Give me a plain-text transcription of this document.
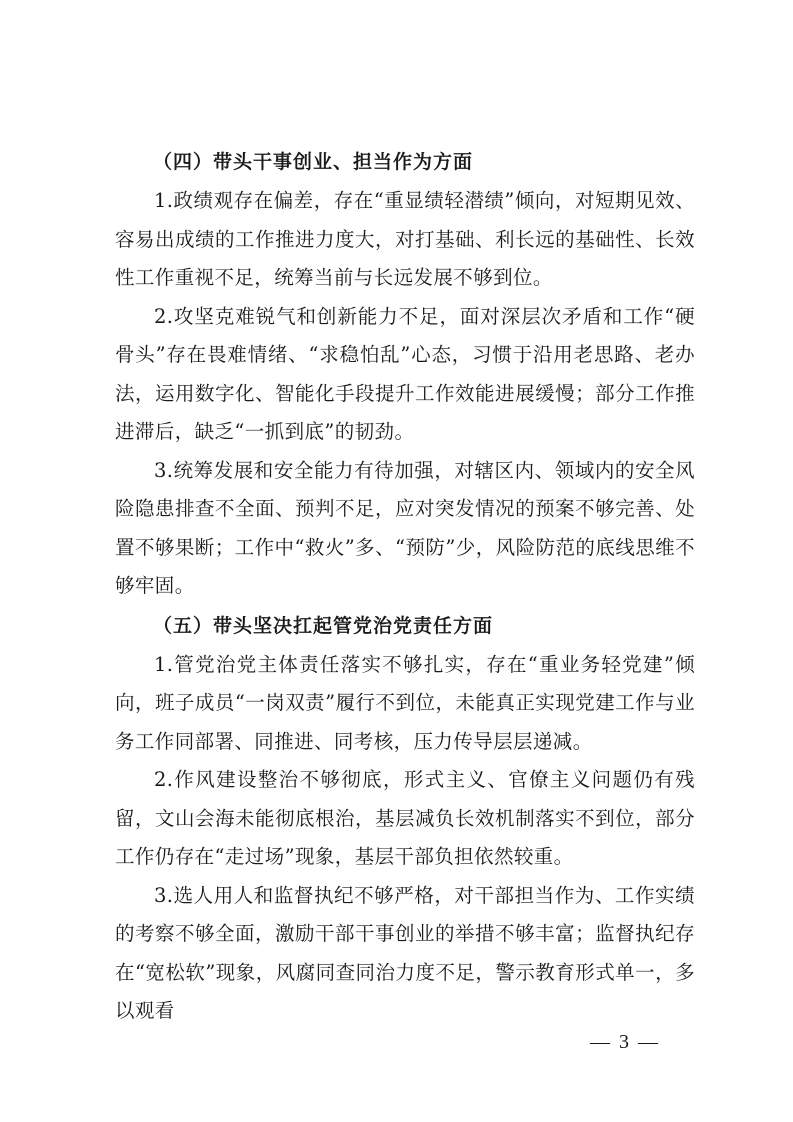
（四）带头干事创业、担当作为方面

1.政绩观存在偏差，存在“重显绩轻潜绩”倾向，对短期见效、容易出成绩的工作推进力度大，对打基础、利长远的基础性、长效性工作重视不足，统筹当前与长远发展不够到位。

2.攻坚克难锐气和创新能力不足，面对深层次矛盾和工作“硬骨头”存在畏难情绪、“求稳怕乱”心态，习惯于沿用老思路、老办法，运用数字化、智能化手段提升工作效能进展缓慢；部分工作推进滞后，缺乏“一抓到底”的韧劲。

3.统筹发展和安全能力有待加强，对辖区内、领域内的安全风险隐患排查不全面、预判不足，应对突发情况的预案不够完善、处置不够果断；工作中“救火”多、“预防”少，风险防范的底线思维不够牢固。

（五）带头坚决扛起管党治党责任方面

1.管党治党主体责任落实不够扎实，存在“重业务轻党建”倾向，班子成员“一岗双责”履行不到位，未能真正实现党建工作与业务工作同部署、同推进、同考核，压力传导层层递减。

2.作风建设整治不够彻底，形式主义、官僚主义问题仍有残留，文山会海未能彻底根治，基层减负长效机制落实不到位，部分工作仍存在“走过场”现象，基层干部负担依然较重。

3.选人用人和监督执纪不够严格，对干部担当作为、工作实绩的考察不够全面，激励干部干事创业的举措不够丰富；监督执纪存在“宽松软”现象，风腐同查同治力度不足，警示教育形式单一，多以观看

— 3 —
